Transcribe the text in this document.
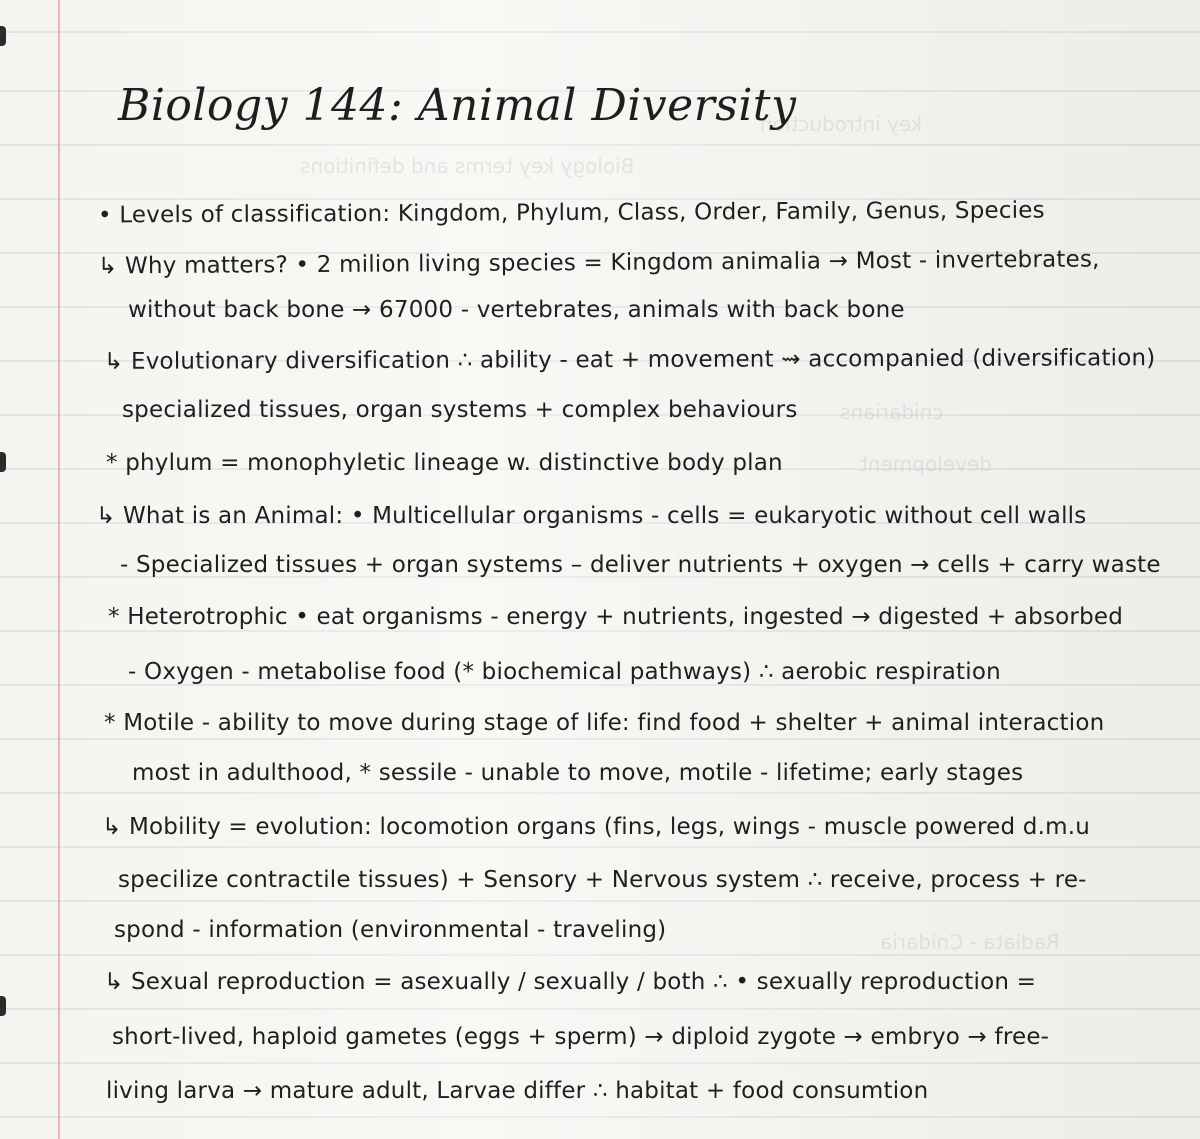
key introduction
Biology key terms and definitions
cnidarians
development
Radiata - Cnidaria
Biology 144: Animal Diversity
• Levels of classification: Kingdom, Phylum, Class, Order, Family, Genus, Species
↳ Why matters? • 2 milion living species = Kingdom animalia → Most - invertebrates,
without back bone → 67000 - vertebrates, animals with back bone
↳ Evolutionary diversification ∴ ability - eat + movement ⇝ accompanied (diversification)
specialized tissues, organ systems + complex behaviours
* phylum = monophyletic lineage w. distinctive body plan
↳ What is an Animal: • Multicellular organisms - cells = eukaryotic without cell walls
- Specialized tissues + organ systems – deliver nutrients + oxygen → cells + carry waste
* Heterotrophic • eat organisms - energy + nutrients, ingested → digested + absorbed
- Oxygen - metabolise food (* biochemical pathways) ∴ aerobic respiration
* Motile - ability to move during stage of life: find food + shelter + animal interaction
most in adulthood, * sessile - unable to move, motile - lifetime; early stages
↳ Mobility = evolution: locomotion organs (fins, legs, wings - muscle powered d.m.u
specilize contractile tissues) + Sensory + Nervous system ∴ receive, process + re-
spond - information (environmental - traveling)
↳ Sexual reproduction = asexually / sexually / both ∴ • sexually reproduction =
short-lived, haploid gametes (eggs + sperm) → diploid zygote → embryo → free-
living larva → mature adult, Larvae differ ∴ habitat + food consumtion
